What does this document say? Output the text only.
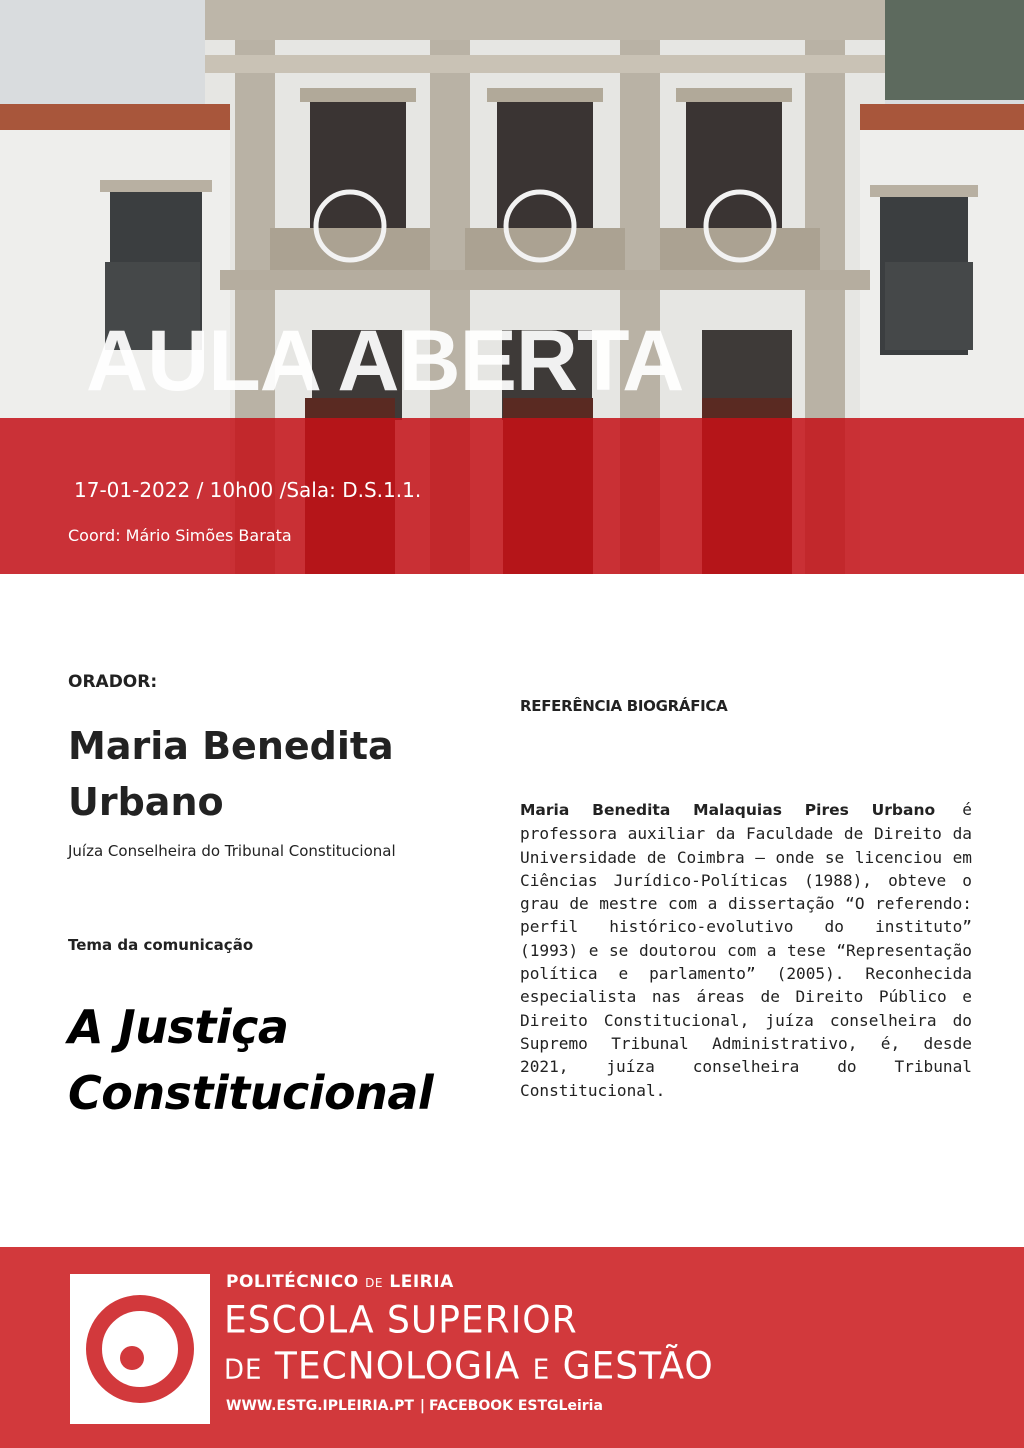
AULA ABERTA
17-01-2022 / 10h00 /Sala: D.S.1.1.
Coord: Mário Simões Barata
ORADOR:
Maria Benedita Urbano
Juíza Conselheira do Tribunal Constitucional
Tema da comunicação
A Justiça Constitucional
REFERÊNCIA BIOGRÁFICA

Maria Benedita Malaquias Pires Urbano é professora auxiliar da Faculdade de Direito da Universidade de Coimbra – onde se licenciou em Ciências Jurídico-Políticas (1988), obteve o grau de mestre com a dissertação “O referendo: perfil histórico-evolutivo do instituto” (1993) e se doutorou com a tese “Representação política e parlamento” (2005). Reconhecida especialista nas áreas de Direito Público e Direito Constitucional, juíza conselheira do Supremo Tribunal Administrativo, é, desde 2021, juíza conselheira do Tribunal Constitucional.

POLITÉCNICO DE LEIRIA
ESCOLA SUPERIOR
DE TECNOLOGIA E GESTÃO
WWW.ESTG.IPLEIRIA.PT | FACEBOOK ESTGLeiria
